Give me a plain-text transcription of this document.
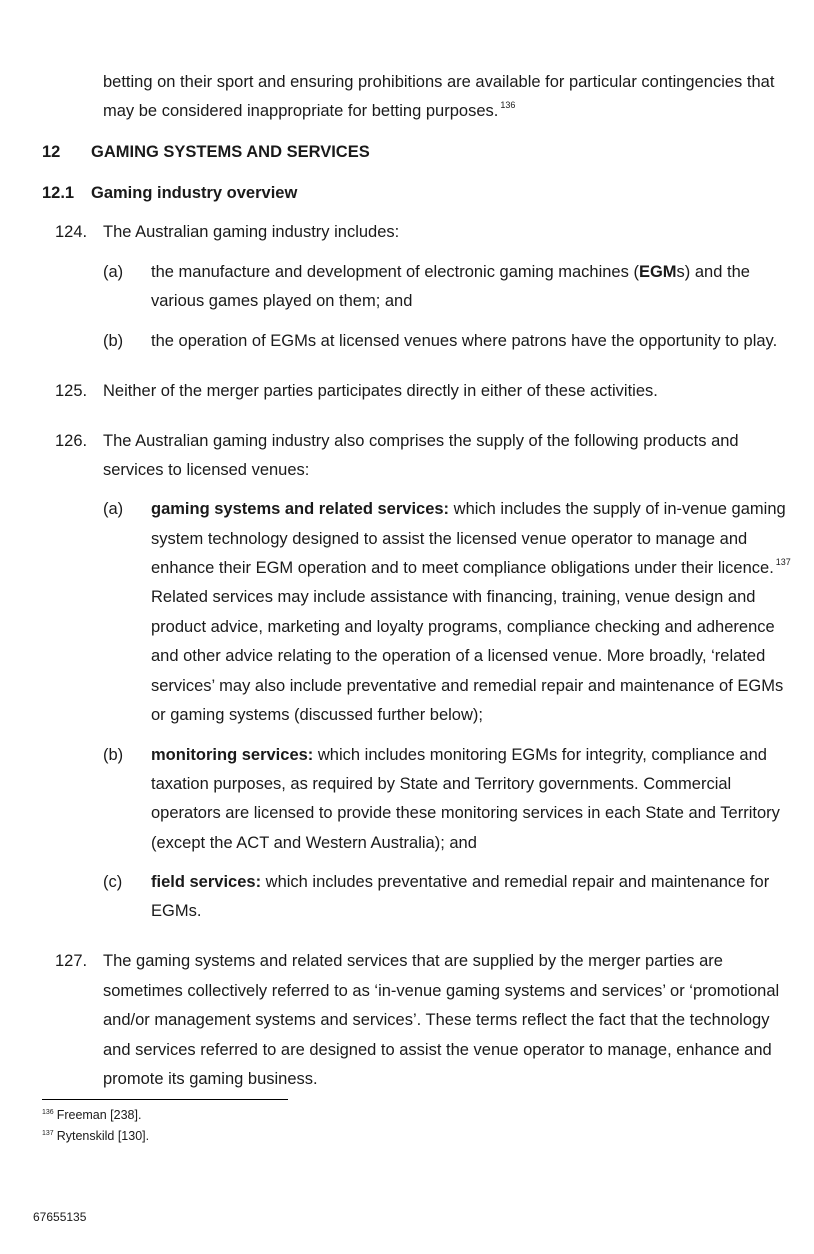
betting on their sport and ensuring prohibitions are available for particular contingencies that
may be considered inappropriate for betting purposes. $^{136}$
12 GAMING SYSTEMS AND SERVICES
12.1 Gaming industry overview
124. The Australian gaming industry includes:
(a) the manufacture and development of electronic gaming machines (EGMs) and the
various games played on them; and
(b) the operation of EGMs at licensed venues where patrons have the opportunity to play.
125. Neither of the merger parties participates directly in either of these activities.
126. The Australian gaming industry also comprises the supply of the following products and
services to licensed venues:
(a) gaming systems and related services: which includes the supply of in-venue gaming
system technology designed to assist the licensed venue operator to manage and
enhance their EGM operation and to meet compliance obligations under their licence. $^{137}$
Related services may include assistance with financing, training, venue design and
product advice, marketing and loyalty programs, compliance checking and adherence
and other advice relating to the operation of a licensed venue. More broadly, ‘related
services’ may also include preventative and remedial repair and maintenance of EGMs
or gaming systems (discussed further below);
(b) monitoring services: which includes monitoring EGMs for integrity, compliance and
taxation purposes, as required by State and Territory governments. Commercial
operators are licensed to provide these monitoring services in each State and Territory
(except the ACT and Western Australia); and
(c) field services: which includes preventative and remedial repair and maintenance for
EGMs.
127. The gaming systems and related services that are supplied by the merger parties are
sometimes collectively referred to as ‘in-venue gaming systems and services’ or ‘promotional
and/or management systems and services’. These terms reflect the fact that the technology
and services referred to are designed to assist the venue operator to manage, enhance and
promote its gaming business.
$^{136}$ Freeman [238].
$^{137}$ Rytenskild [130].
67655135
